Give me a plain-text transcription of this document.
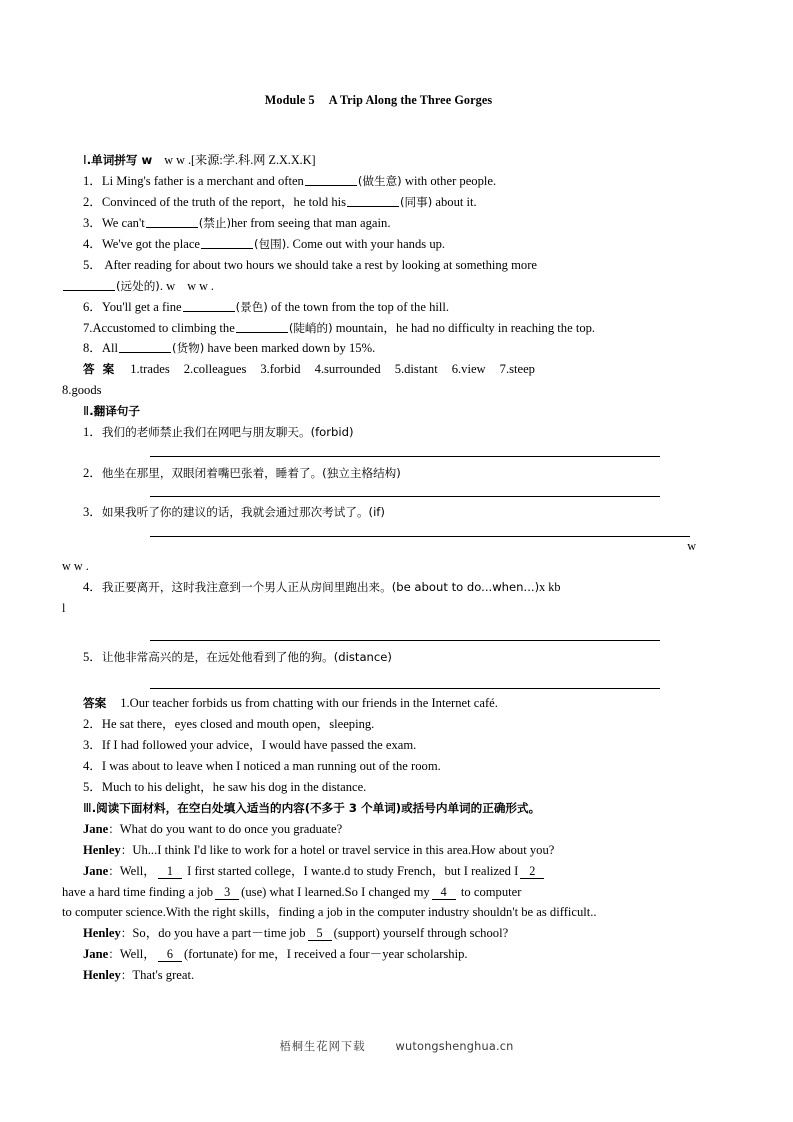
Module 5 A Trip Along the Three Gorges
Ⅰ.单词拼写 w w w .[来源:学.科.网 Z.X.X.K]

1．Li Ming's father is a merchant and often	(做生意) with other people.

2．Convinced of the truth of the report，he told his	(同事) about it.

3．We can't	(禁止)her from seeing that man again.

4．We've got the place	(包围). Come out with your hands up.

5． After reading for about two hours we should take a rest by looking at something more

(远处的). w w w .

6．You'll get a fine	(景色) of the town from the top of the hill.

7.Accustomed to climbing the	(陡峭的) mountain，he had no difficulty in reaching the top.

8．All	(货物) have been marked down by 15%.

答 案 1.trades 2.colleagues 3.forbid 4.surrounded 5.distant 6.view 7.steep

8.goods

Ⅱ.翻译句子

1．我们的老师禁止我们在网吧与朋友聊天。(forbid)

2．他坐在那里，双眼闭着嘴巴张着，睡着了。(独立主格结构)

3．如果我听了你的建议的话，我就会通过那次考试了。(if)

w

w w .

4．我正要离开，这时我注意到一个男人正从房间里跑出来。(be about to do...when...)x kb

l

5．让他非常高兴的是，在远处他看到了他的狗。(distance)

答案 1.Our teacher forbids us from chatting with our friends in the Internet café.

2．He sat there，eyes closed and mouth open，sleeping.

3．If I had followed your advice，I would have passed the exam.

4．I was about to leave when I noticed a man running out of the room.

5．Much to his delight，he saw his dog in the distance.

Ⅲ.阅读下面材料，在空白处填入适当的内容(不多于 3 个单词)或括号内单词的正确形式。

Jane：What do you want to do once you graduate?

Henley：Uh...I think I'd like to work for a hotel or travel service in this area.How about you?

Jane：Well， 1 I first started college，I wante.d to study French，but I realized I 2

have a hard time finding a job 3 (use) what I learned.So I changed my 4 to computer

to computer science.With the right skills，finding a job in the computer industry shouldn't be as difficult..

Henley：So，do you have a part－time job 5 (support) yourself through school?

Jane：Well， 6 (fortunate) for me，I received a four－year scholarship.

Henley：That's great.

梧桐生花网下载	wutongshenghua.cn
